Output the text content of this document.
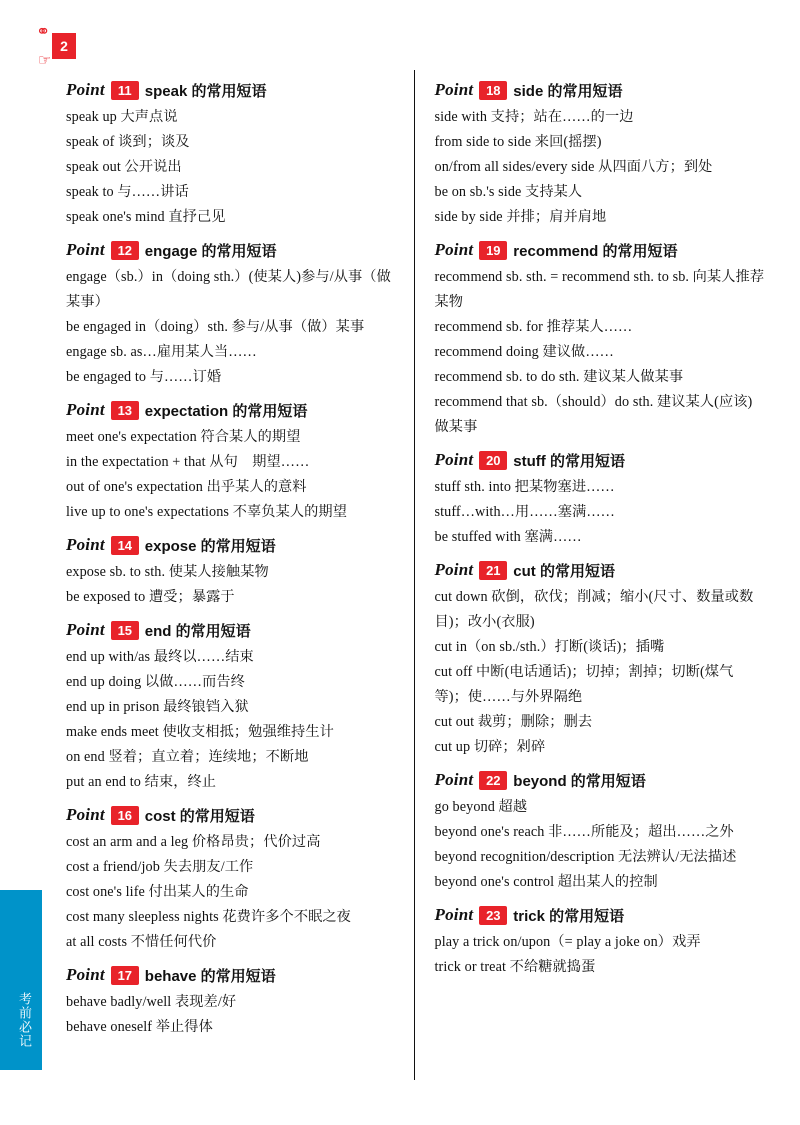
⚭
2
☞
考前必记
Point	11 speak 的常用短语

speak up 大声点说

speak of 谈到；谈及

speak out 公开说出

speak to 与……讲话

speak one's mind 直抒己见

Point 12 engage 的常用短语

engage（sb.）in（doing sth.）(使某人)参与/从事（做某事）

be engaged in（doing）sth. 参与/从事（做）某事

engage sb. as…雇用某人当……

be engaged to 与……订婚

Point 13 expectation 的常用短语

meet one's expectation 符合某人的期望

in the expectation + that 从句　期望……

out of one's expectation 出乎某人的意料

live up to one's expectations 不辜负某人的期望

Point 14 expose 的常用短语

expose sb. to sth. 使某人接触某物

be exposed to 遭受；暴露于

Point 15 end 的常用短语

end up with/as 最终以……结束

end up doing 以做……而告终

end up in prison 最终锒铛入狱

make ends meet 使收支相抵；勉强维持生计

on end 竖着；直立着；连续地；不断地

put an end to 结束，终止

Point 16 cost 的常用短语

cost an arm and a leg 价格昂贵；代价过高

cost a friend/job 失去朋友/工作

cost one's life 付出某人的生命

cost many sleepless nights 花费许多个不眠之夜

at all costs 不惜任何代价

Point 17 behave 的常用短语

behave badly/well 表现差/好

behave oneself 举止得体

Point 18 side 的常用短语

side with 支持；站在……的一边

from side to side 来回(摇摆)

on/from all sides/every side 从四面八方；到处

be on sb.'s side 支持某人

side by side 并排；肩并肩地

Point 19 recommend 的常用短语

recommend sb. sth. = recommend sth. to sb. 向某人推荐某物

recommend sb. for 推荐某人……

recommend doing 建议做……

recommend sb. to do sth. 建议某人做某事

recommend that sb.（should）do sth. 建议某人(应该)做某事

Point 20 stuff 的常用短语

stuff sth. into 把某物塞进……

stuff…with…用……塞满……

be stuffed with 塞满……

Point 21 cut 的常用短语

cut down 砍倒，砍伐；削减；缩小(尺寸、数量或数目)；改小(衣服)

cut in（on sb./sth.）打断(谈话)；插嘴

cut off 中断(电话通话)；切掉；割掉；切断(煤气等)；使……与外界隔绝

cut out 裁剪；删除；删去

cut up 切碎；剁碎

Point 22 beyond 的常用短语

go beyond 超越

beyond one's reach 非……所能及；超出……之外

beyond recognition/description 无法辨认/无法描述

beyond one's control 超出某人的控制

Point 23 trick 的常用短语

play a trick on/upon（= play a joke on）戏弄

trick or treat 不给糖就捣蛋
